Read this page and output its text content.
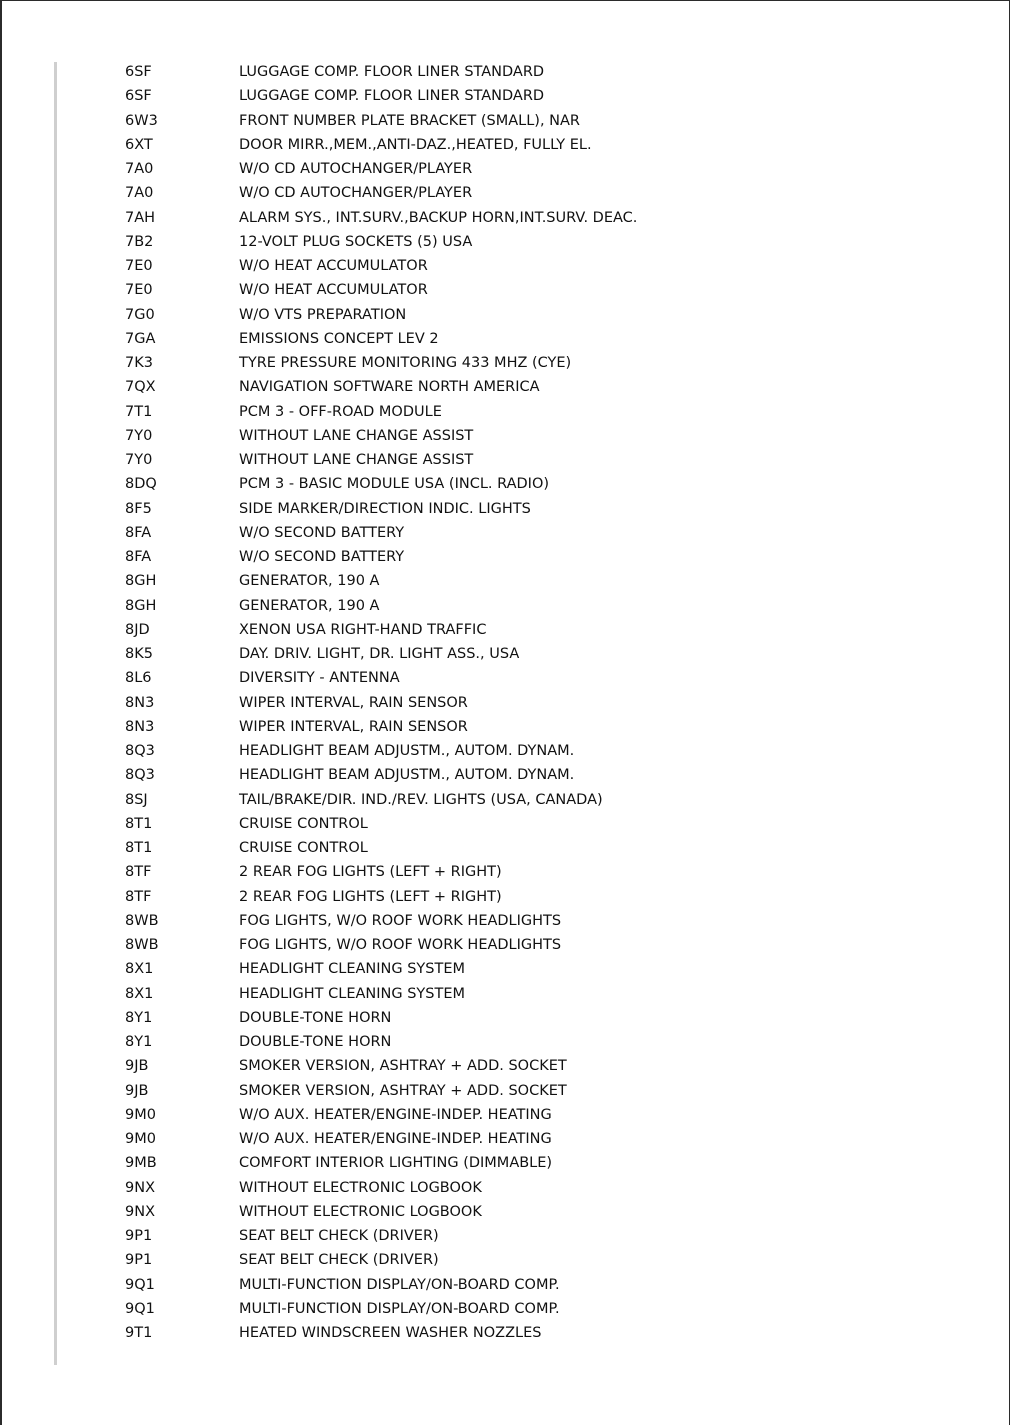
6SF	LUGGAGE COMP. FLOOR LINER STANDARD
6SF	LUGGAGE COMP. FLOOR LINER STANDARD
6W3	FRONT NUMBER PLATE BRACKET (SMALL), NAR
6XT	DOOR MIRR.,MEM.,ANTI-DAZ.,HEATED, FULLY EL.
7A0	W/O CD AUTOCHANGER/PLAYER
7A0	W/O CD AUTOCHANGER/PLAYER
7AH	ALARM SYS., INT.SURV.,BACKUP HORN,INT.SURV. DEAC.
7B2	12-VOLT PLUG SOCKETS (5) USA
7E0	W/O HEAT ACCUMULATOR
7E0	W/O HEAT ACCUMULATOR
7G0	W/O VTS PREPARATION
7GA	EMISSIONS CONCEPT LEV 2
7K3	TYRE PRESSURE MONITORING 433 MHZ (CYE)
7QX	NAVIGATION SOFTWARE NORTH AMERICA
7T1	PCM 3 - OFF-ROAD MODULE
7Y0	WITHOUT LANE CHANGE ASSIST
7Y0	WITHOUT LANE CHANGE ASSIST
8DQ	PCM 3 - BASIC MODULE USA (INCL. RADIO)
8F5	SIDE MARKER/DIRECTION INDIC. LIGHTS
8FA	W/O SECOND BATTERY
8FA	W/O SECOND BATTERY
8GH	GENERATOR, 190 A
8GH	GENERATOR, 190 A
8JD	XENON USA RIGHT-HAND TRAFFIC
8K5	DAY. DRIV. LIGHT, DR. LIGHT ASS., USA
8L6	DIVERSITY - ANTENNA
8N3	WIPER INTERVAL, RAIN SENSOR
8N3	WIPER INTERVAL, RAIN SENSOR
8Q3	HEADLIGHT BEAM ADJUSTM., AUTOM. DYNAM.
8Q3	HEADLIGHT BEAM ADJUSTM., AUTOM. DYNAM.
8SJ	TAIL/BRAKE/DIR. IND./REV. LIGHTS (USA, CANADA)
8T1	CRUISE CONTROL
8T1	CRUISE CONTROL
8TF	2 REAR FOG LIGHTS (LEFT + RIGHT)
8TF	2 REAR FOG LIGHTS (LEFT + RIGHT)
8WB	FOG LIGHTS, W/O ROOF WORK HEADLIGHTS
8WB	FOG LIGHTS, W/O ROOF WORK HEADLIGHTS
8X1	HEADLIGHT CLEANING SYSTEM
8X1	HEADLIGHT CLEANING SYSTEM
8Y1	DOUBLE-TONE HORN
8Y1	DOUBLE-TONE HORN
9JB	SMOKER VERSION, ASHTRAY + ADD. SOCKET
9JB	SMOKER VERSION, ASHTRAY + ADD. SOCKET
9M0	W/O AUX. HEATER/ENGINE-INDEP. HEATING
9M0	W/O AUX. HEATER/ENGINE-INDEP. HEATING
9MB	COMFORT INTERIOR LIGHTING (DIMMABLE)
9NX	WITHOUT ELECTRONIC LOGBOOK
9NX	WITHOUT ELECTRONIC LOGBOOK
9P1	SEAT BELT CHECK (DRIVER)
9P1	SEAT BELT CHECK (DRIVER)
9Q1	MULTI-FUNCTION DISPLAY/ON-BOARD COMP.
9Q1	MULTI-FUNCTION DISPLAY/ON-BOARD COMP.
9T1	HEATED WINDSCREEN WASHER NOZZLES
